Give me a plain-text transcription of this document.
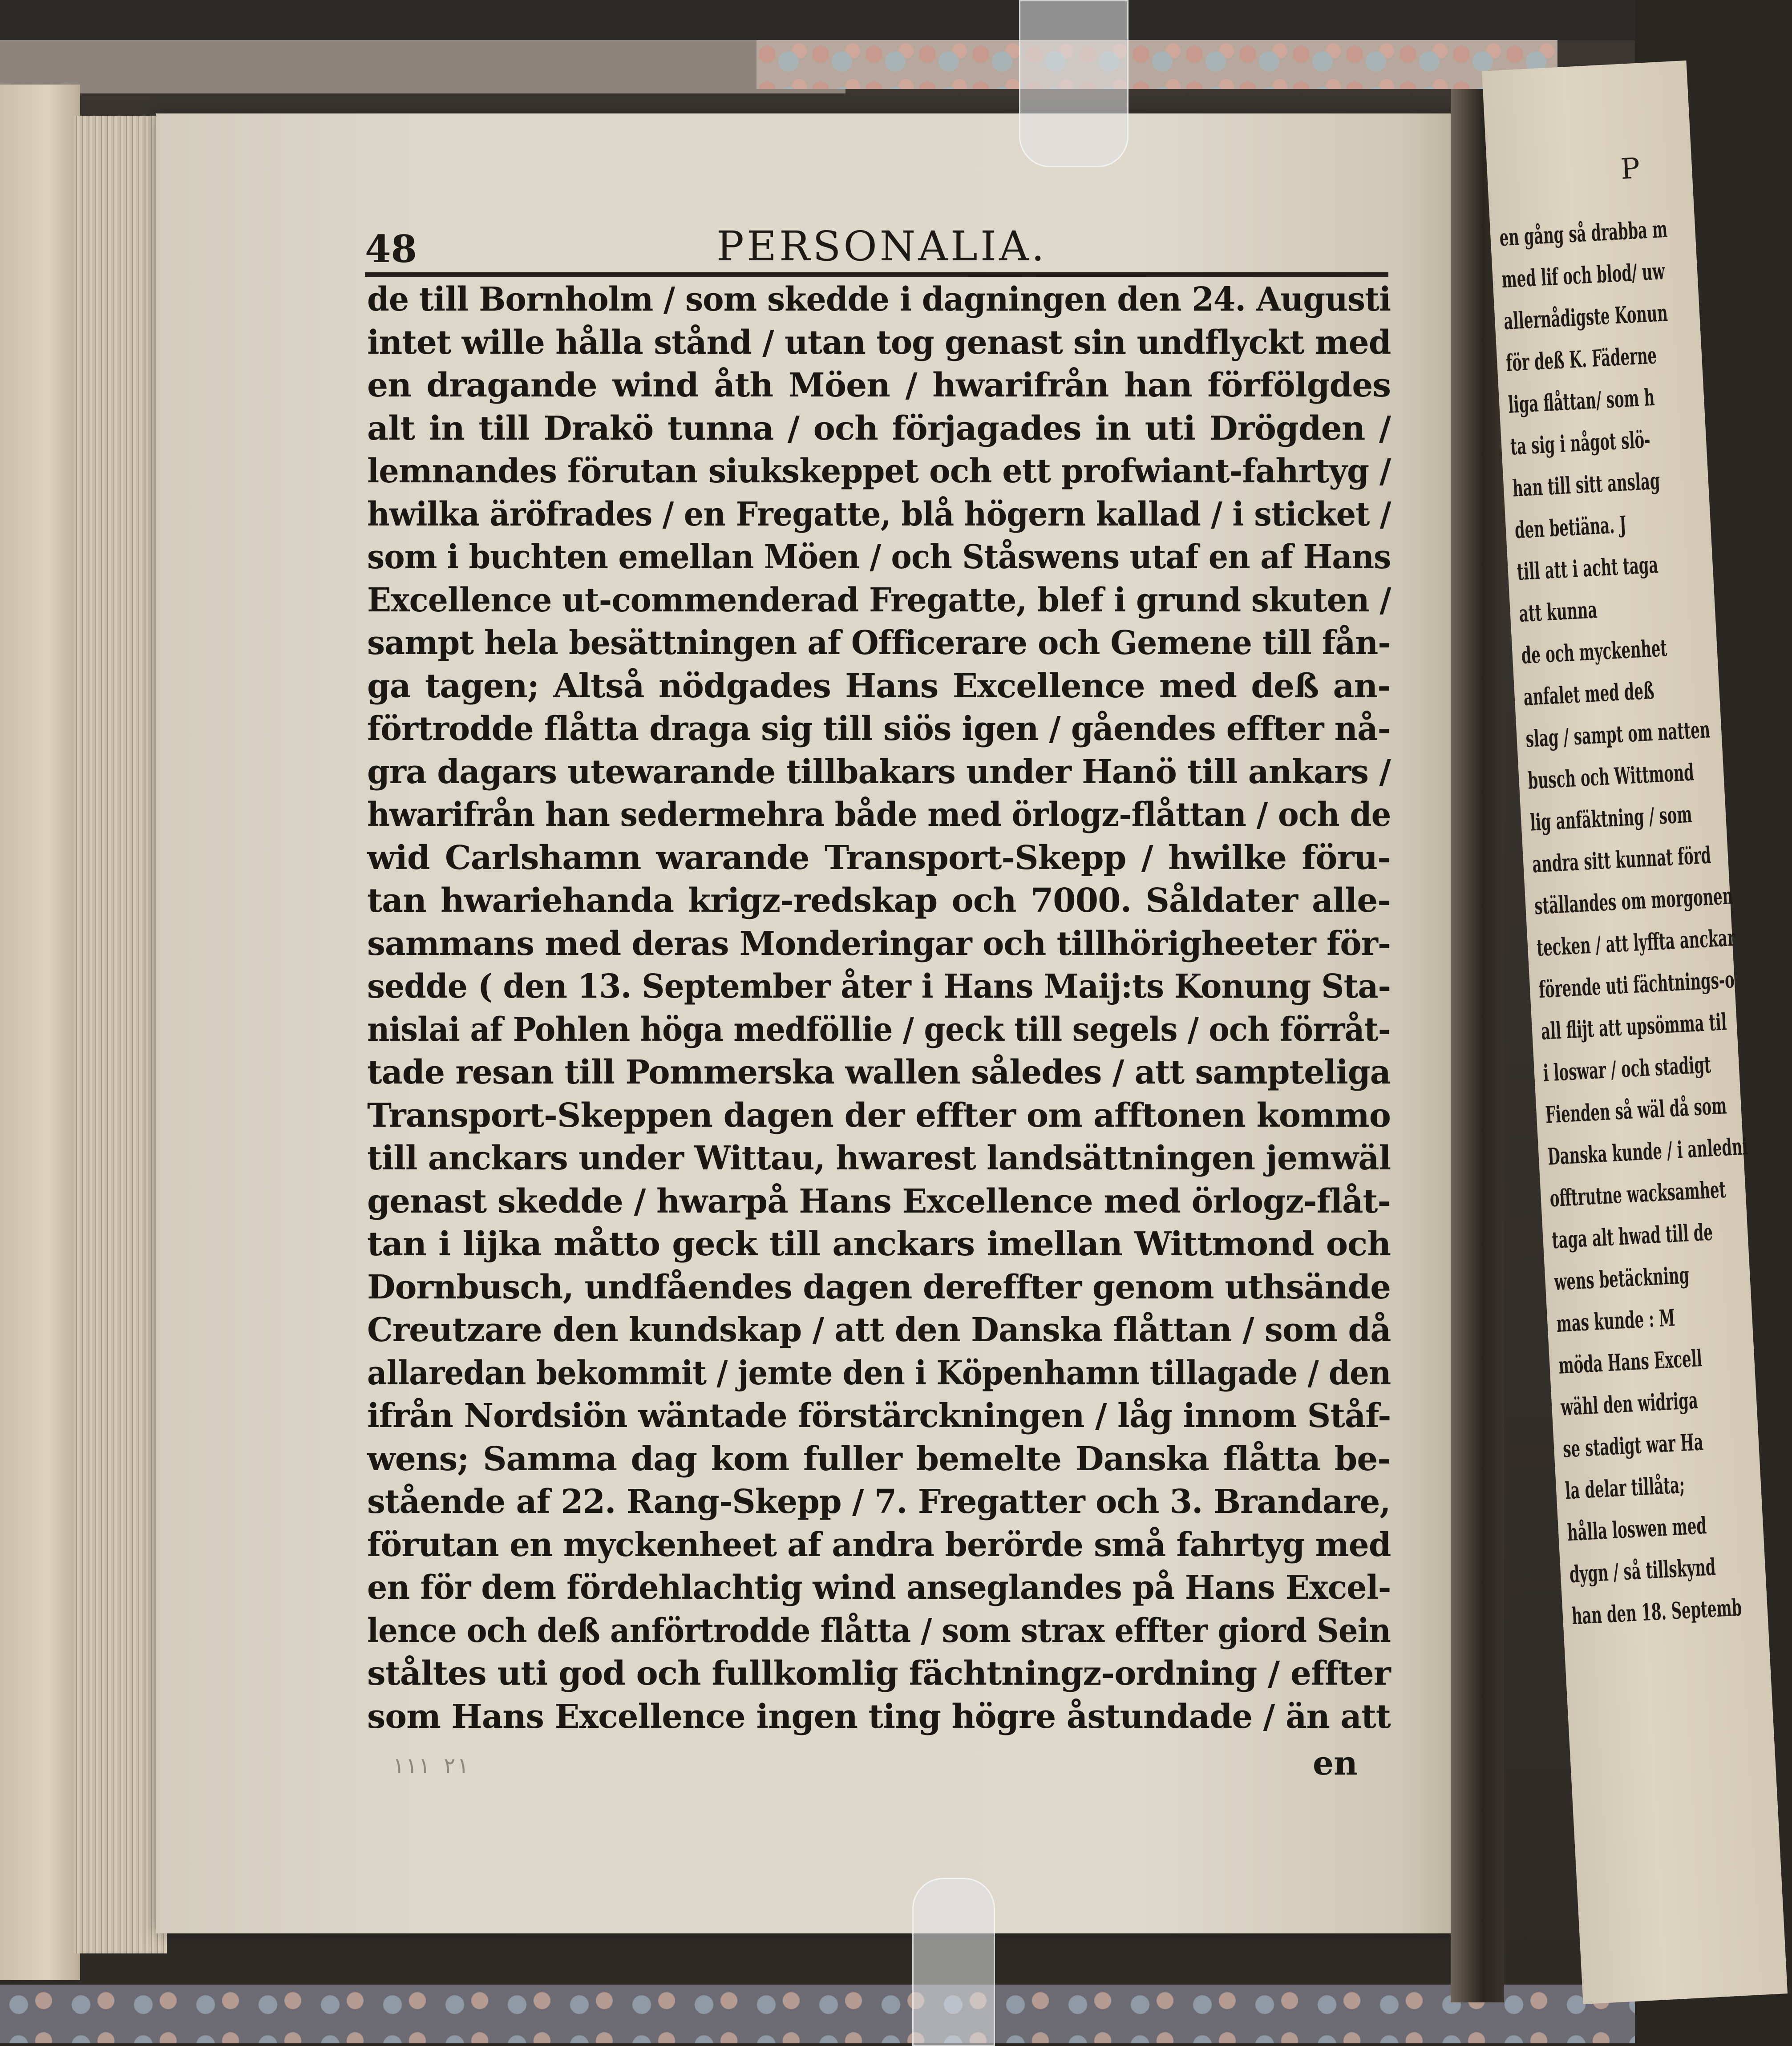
48	PERSONALIA.
de till Bornholm / som skedde i dagningen den 24. Augusti
intet wille hålla stånd / utan tog genast sin undflyckt med
en dragande wind åth Möen / hwarifrån han förfölgdes
alt in till Drakö tunna / och förjagades in uti Drögden /
lemnandes förutan siukskeppet och ett profwiant-fahrtyg /
hwilka äröfrades / en Fregatte, blå högern kallad / i sticket /
som i buchten emellan Möen / och Ståswens utaf en af Hans
Excellence ut-commenderad Fregatte, blef i grund skuten /
sampt hela besättningen af Officerare och Gemene till fån-
ga tagen; Altså nödgades Hans Excellence med deß an-
förtrodde flåtta draga sig till siös igen / gåendes effter nå-
gra dagars utewarande tillbakars under Hanö till ankars /
hwarifrån han sedermehra både med örlogz-flåttan / och de
wid Carlshamn warande Transport-Skepp / hwilke föru-
tan hwariehanda krigz-redskap och 7000. Såldater alle-
sammans med deras Monderingar och tillhörigheeter för-
sedde ( den 13. September åter i Hans Maij:ts Konung Sta-
nislai af Pohlen höga medföllie / geck till segels / och förråt-
tade resan till Pommerska wallen således / att sampteliga
Transport-Skeppen dagen der effter om afftonen kommo
till anckars under Wittau, hwarest landsättningen jemwäl
genast skedde / hwarpå Hans Excellence med örlogz-flåt-
tan i lijka måtto geck till anckars imellan Wittmond och
Dornbusch, undfåendes dagen dereffter genom uthsände
Creutzare den kundskap / att den Danska flåttan / som då
allaredan bekommit / jemte den i Köpenhamn tillagade / den
ifrån Nordsiön wäntade förstärckningen / låg innom Ståf-
wens; Samma dag kom fuller bemelte Danska flåtta be-
stående af 22. Rang-Skepp / 7. Fregatter och 3. Brandare,
förutan en myckenheet af andra berörde små fahrtyg med
en för dem fördehlachtig wind anseglandes på Hans Excel-
lence och deß anförtrodde flåtta / som strax effter giord Sein
ståltes uti god och fullkomlig fächtningz-ordning / effter
som Hans Excellence ingen ting högre åstundade / än att
۱۱۱ ۲۱	en
P
en gång så drabba m
med lif och blod/ uw
allernådigste Konun
för deß K. Fäderne
liga flåttan/ som h
ta sig i något slö-
han till sitt anslag
den betiäna. J
till att i acht taga
att kunna
de och myckenhet
anfalet med deß
slag / sampt om natten
busch och Wittmond
lig anfäktning / som
andra sitt kunnat förd
ställandes om morgonen
tecken / att lyffta anckar
förende uti fächtnings-o
all flijt att upsömma til
i loswar / och stadigt
Fienden så wäl då som
Danska kunde / i anledni
offtrutne wacksamhet
taga alt hwad till de
wens betäckning
mas kunde : M
möda Hans Excell
wähl den widriga
se stadigt war Ha
la delar tillåta;
hålla loswen med
dygn / så tillskynd
han den 18. Septemb
